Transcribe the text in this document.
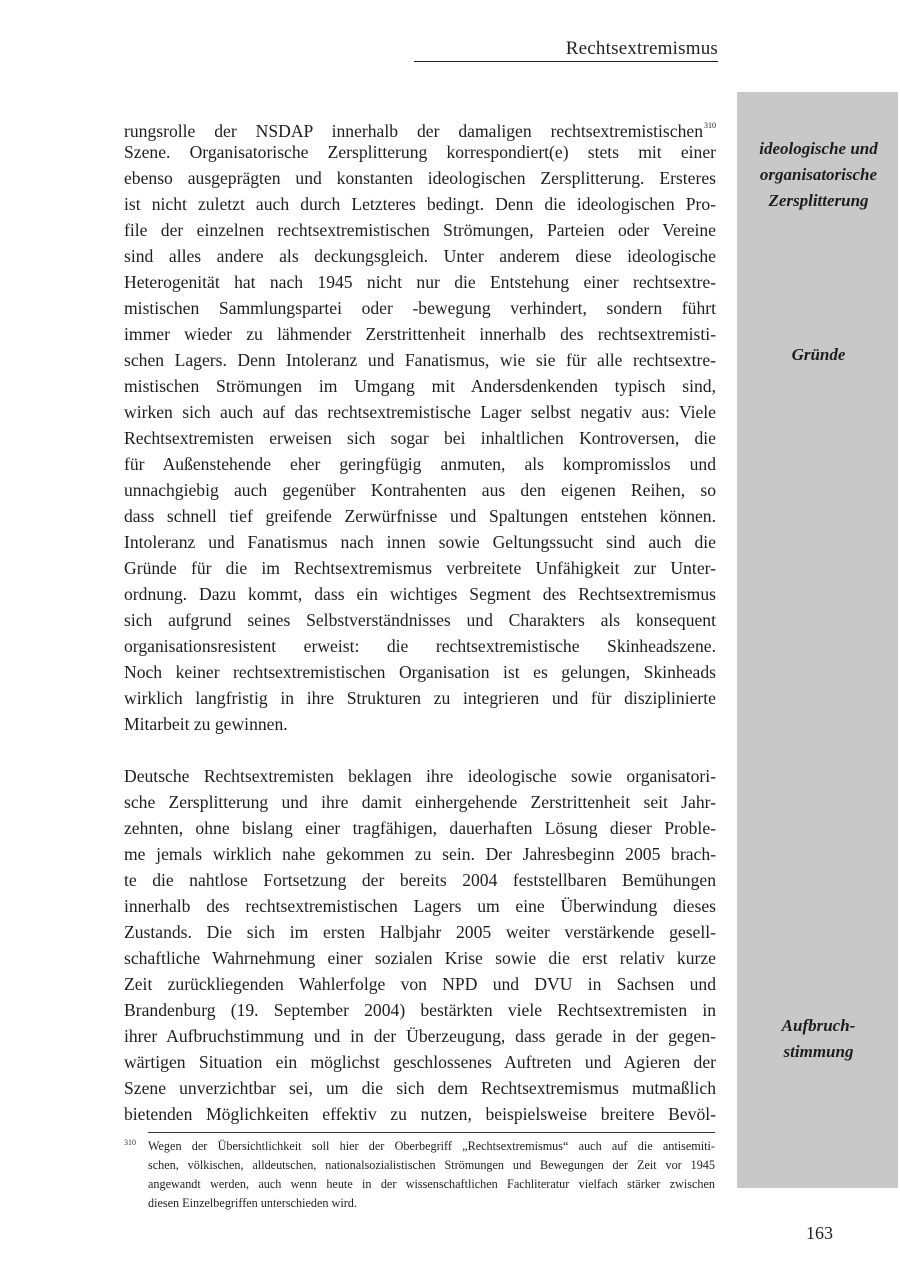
Rechtsextremismus
ideologische und
organisatorische
Zersplitterung
Gründe
Aufbruch-
stimmung
rungsrolle der NSDAP innerhalb der damaligen rechtsextremistischen$^{310}$
Szene. Organisatorische Zersplitterung korrespondiert(e) stets mit einer
ebenso ausgeprägten und konstanten ideologischen Zersplitterung. Ersteres
ist nicht zuletzt auch durch Letzteres bedingt. Denn die ideologischen Pro-
file der einzelnen rechtsextremistischen Strömungen, Parteien oder Vereine
sind alles andere als deckungsgleich. Unter anderem diese ideologische
Heterogenität hat nach 1945 nicht nur die Entstehung einer rechtsextre-
mistischen Sammlungspartei oder -bewegung verhindert, sondern führt
immer wieder zu lähmender Zerstrittenheit innerhalb des rechtsextremisti-
schen Lagers. Denn Intoleranz und Fanatismus, wie sie für alle rechtsextre-
mistischen Strömungen im Umgang mit Andersdenkenden typisch sind,
wirken sich auch auf das rechtsextremistische Lager selbst negativ aus: Viele
Rechtsextremisten erweisen sich sogar bei inhaltlichen Kontroversen, die
für Außenstehende eher geringfügig anmuten, als kompromisslos und
unnachgiebig auch gegenüber Kontrahenten aus den eigenen Reihen, so
dass schnell tief greifende Zerwürfnisse und Spaltungen entstehen können.
Intoleranz und Fanatismus nach innen sowie Geltungssucht sind auch die
Gründe für die im Rechtsextremismus verbreitete Unfähigkeit zur Unter-
ordnung. Dazu kommt, dass ein wichtiges Segment des Rechtsextremismus
sich aufgrund seines Selbstverständnisses und Charakters als konsequent
organisationsresistent erweist: die rechtsextremistische Skinheadszene.
Noch keiner rechtsextremistischen Organisation ist es gelungen, Skinheads
wirklich langfristig in ihre Strukturen zu integrieren und für disziplinierte
Mitarbeit zu gewinnen.
Deutsche Rechtsextremisten beklagen ihre ideologische sowie organisatori-
sche Zersplitterung und ihre damit einhergehende Zerstrittenheit seit Jahr-
zehnten, ohne bislang einer tragfähigen, dauerhaften Lösung dieser Proble-
me jemals wirklich nahe gekommen zu sein. Der Jahresbeginn 2005 brach-
te die nahtlose Fortsetzung der bereits 2004 feststellbaren Bemühungen
innerhalb des rechtsextremistischen Lagers um eine Überwindung dieses
Zustands. Die sich im ersten Halbjahr 2005 weiter verstärkende gesell-
schaftliche Wahrnehmung einer sozialen Krise sowie die erst relativ kurze
Zeit zurückliegenden Wahlerfolge von NPD und DVU in Sachsen und
Brandenburg (19. September 2004) bestärkten viele Rechtsextremisten in
ihrer Aufbruchstimmung und in der Überzeugung, dass gerade in der gegen-
wärtigen Situation ein möglichst geschlossenes Auftreten und Agieren der
Szene unverzichtbar sei, um die sich dem Rechtsextremismus mutmaßlich
bietenden Möglichkeiten effektiv zu nutzen, beispielsweise breitere Bevöl-
310 Wegen der Übersichtlichkeit soll hier der Oberbegriff „Rechtsextremismus“ auch auf die antisemiti-
schen, völkischen, alldeutschen, nationalsozialistischen Strömungen und Bewegungen der Zeit vor 1945
angewandt werden, auch wenn heute in der wissenschaftlichen Fachliteratur vielfach stärker zwischen
diesen Einzelbegriffen unterschieden wird.
163
